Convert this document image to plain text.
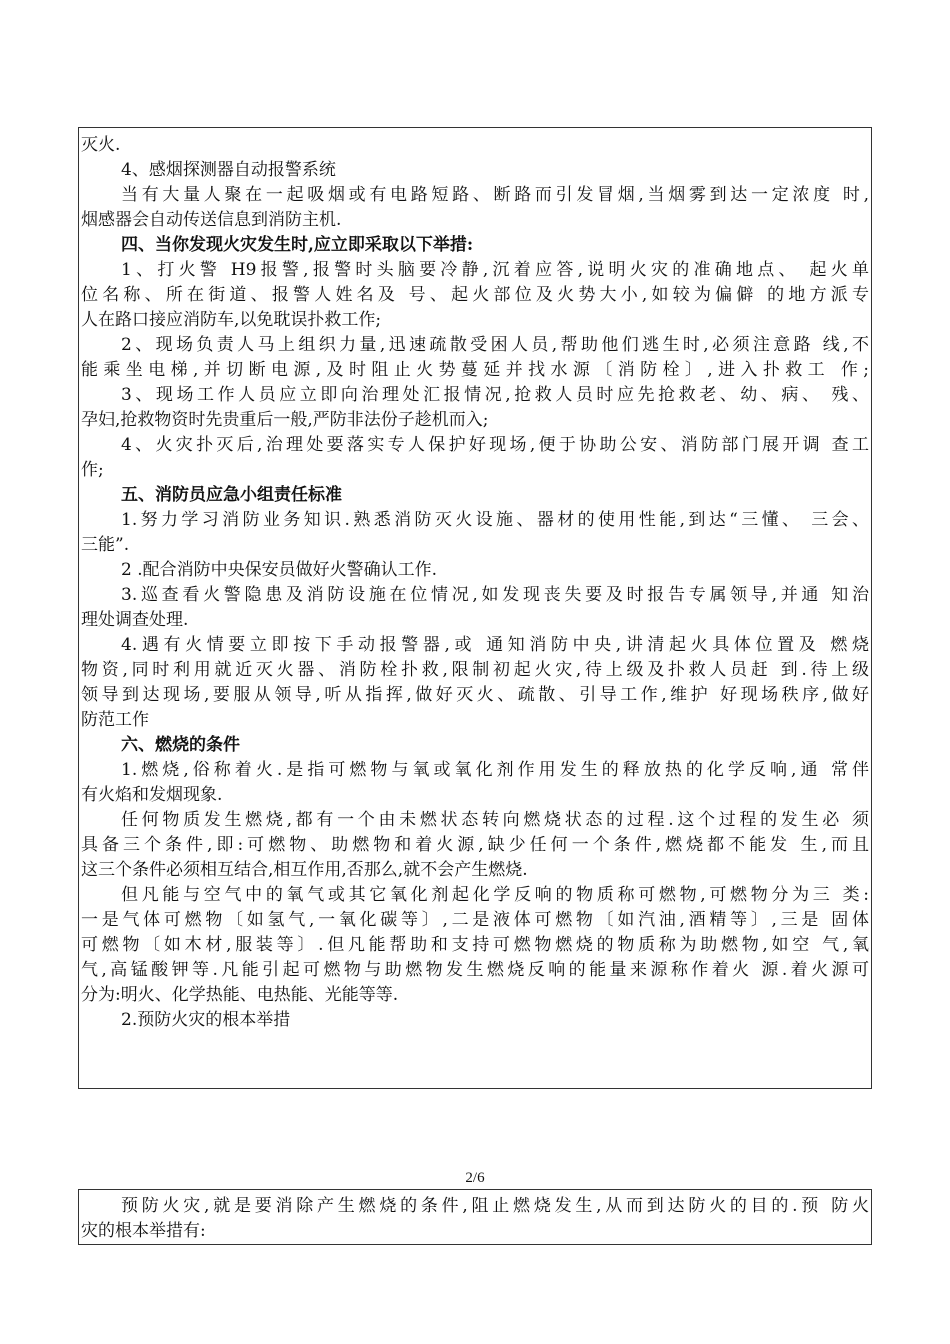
灭火.
4、感烟探测器自动报警系统
当有大量人聚在一起吸烟或有电路短路、断路而引发冒烟,当烟雾到达一定浓度 时,
烟感器会自动传送信息到消防主机.
四、当你发现火灾发生时,应立即采取以下举措:
1、打火警 H9报警,报警时头脑要冷静,沉着应答,说明火灾的准确地点、 起火单
位名称、所在街道、报警人姓名及 号、起火部位及火势大小,如较为偏僻 的地方派专
人在路口接应消防车,以免耽误扑救工作;
2、现场负责人马上组织力量,迅速疏散受困人员,帮助他们逃生时,必须注意路 线,不
能乘坐电梯,并切断电源,及时阻止火势蔓延并找水源〔消防栓〕,进入扑救工 作;
3、现场工作人员应立即向治理处汇报情况,抢救人员时应先抢救老、幼、病、 残、
孕妇,抢救物资时先贵重后一般,严防非法份子趁机而入;
4、火灾扑灭后,治理处要落实专人保护好现场,便于协助公安、消防部门展开调 查工
作;
五、消防员应急小组责任标准
1.努力学习消防业务知识.熟悉消防灭火设施、器材的使用性能,到达“三懂、 三会、
三能”.
2 .配合消防中央保安员做好火警确认工作.
3.巡查看火警隐患及消防设施在位情况,如发现丧失要及时报告专属领导,并通 知治
理处调查处理.
4.遇有火情要立即按下手动报警器,或 通知消防中央,讲清起火具体位置及 燃烧
物资,同时利用就近灭火器、消防栓扑救,限制初起火灾,待上级及扑救人员赶 到.待上级
领导到达现场,要服从领导,听从指挥,做好灭火、疏散、引导工作,维护 好现场秩序,做好
防范工作
六、燃烧的条件
1.燃烧,俗称着火.是指可燃物与氧或氧化剂作用发生的释放热的化学反响,通 常伴
有火焰和发烟现象.
任何物质发生燃烧,都有一个由未燃状态转向燃烧状态的过程.这个过程的发生必 须
具备三个条件,即:可燃物、助燃物和着火源,缺少任何一个条件,燃烧都不能发 生,而且
这三个条件必须相互结合,相互作用,否那么,就不会产生燃烧.
但凡能与空气中的氧气或其它氧化剂起化学反响的物质称可燃物,可燃物分为三 类:
一是气体可燃物〔如氢气,一氧化碳等〕,二是液体可燃物〔如汽油,酒精等〕,三是 固体
可燃物〔如木材,服装等〕.但凡能帮助和支持可燃物燃烧的物质称为助燃物,如空 气,氧
气,高锰酸钾等.凡能引起可燃物与助燃物发生燃烧反响的能量来源称作着火 源.着火源可
分为:明火、化学热能、电热能、光能等等.
2.预防火灾的根本举措
2/6
预防火灾,就是要消除产生燃烧的条件,阻止燃烧发生,从而到达防火的目的.预 防火
灾的根本举措有:
